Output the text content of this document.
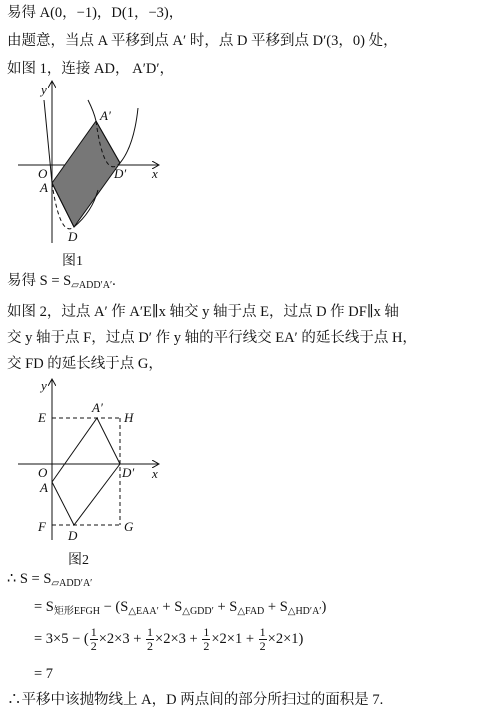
易得 A(0，−1)，D(1，−3)，
由题意，当点 A 平移到点 A′ 时，点 D 平移到点 D′(3，0) 处，
如图 1，连接 AD， A′D′，
y
x
O
A
A′
D
D′
图1
易得 $S = S_{▱ADD'A'}$.
如图 2，过点 A′ 作 A′E∥x 轴交 y 轴于点 E，过点 D 作 DF∥x 轴
交 y 轴于点 F，过点 D′ 作 y 轴的平行线交 EA′ 的延长线于点 H，
交 FD 的延长线于点 G，
y
x
E
A′
H
O	D′
A
F
D
G
图2
∴ $S = S_{▱ADD'A'}$
= $S_{矩形EFGH} - (S_{\triangle EAA'} + S_{\triangle GDD'} + S_{\triangle FAD} + S_{\triangle HD'A'})$
= 3×5 − ( $\frac{1}{2} \times 2\times 3 + \frac{1}{2} \times 2\times 3 + \frac{1}{2} \times 2\times 1 + \frac{1}{2} \times 2\times 1$)
= 7
∴平移中该抛物线上 A，D 两点间的部分所扫过的面积是 7.
